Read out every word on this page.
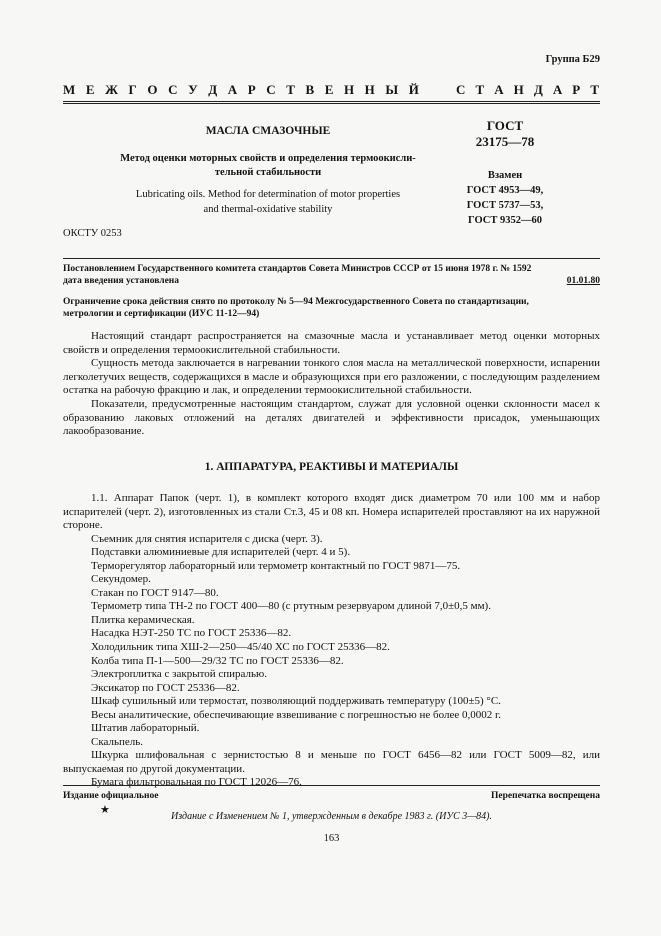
Группа Б29
М Е Ж Г О С У Д А Р С Т В Е Н Н Ы Й	С Т А Н Д А Р Т
МАСЛА СМАЗОЧНЫЕ
Метод оценки моторных свойств и определения термоокисли-
тельной стабильности
Lubricating oils. Method for determination of motor properties
and thermal-oxidative stability
ОКСТУ 0253
ГОСТ
23175—78
Взамен
ГОСТ 4953—49,
ГОСТ 5737—53,
ГОСТ 9352—60
Постановлением Государственного комитета стандартов Совета Министров СССР от 15 июня 1978 г. № 1592
дата введения установлена	01.01.80
Ограничение срока действия снято по протоколу № 5—94 Межгосударственного Совета по стандартизации,
метрологии и сертификации (ИУС 11-12—94)

Настоящий стандарт распространяется на смазочные масла и устанавливает метод оценки моторных свойств и определения термоокислительной стабильности.

Сущность метода заключается в нагревании тонкого слоя масла на металлической поверхности, испарении легколетучих веществ, содержащихся в масле и образующихся при его разложении, с последующим разделением остатка на рабочую фракцию и лак, и определении термоокислительной стабильности.

Показатели, предусмотренные настоящим стандартом, служат для условной оценки склонности масел к образованию лаковых отложений на деталях двигателей и эффективности присадок, уменьшающих лакообразование.

1. АППАРАТУРА, РЕАКТИВЫ И МАТЕРИАЛЫ

1.1. Аппарат Папок (черт. 1), в комплект которого входят диск диаметром 70 или 100 мм и набор испарителей (черт. 2), изготовленных из стали Ст.3, 45 и 08 кп. Номера испарителей проставляют на их наружной стороне.

Съемник для снятия испарителя с диска (черт. 3).

Подставки алюминиевые для испарителей (черт. 4 и 5).

Терморегулятор лабораторный или термометр контактный по ГОСТ 9871—75.

Секундомер.

Стакан по ГОСТ 9147—80.

Термометр типа ТН-2 по ГОСТ 400—80 (с ртутным резервуаром длиной 7,0±0,5 мм).

Плитка керамическая.

Насадка НЭТ-250 ТС по ГОСТ 25336—82.

Холодильник типа ХШ-2—250—45/40 ХС по ГОСТ 25336—82.

Колба типа П-1—500—29/32 ТС по ГОСТ 25336—82.

Электроплитка с закрытой спиралью.

Эксикатор по ГОСТ 25336—82.

Шкаф сушильный или термостат, позволяющий поддерживать температуру (100±5) °С.

Весы аналитические, обеспечивающие взвешивание с погрешностью не более 0,0002 г.

Штатив лабораторный.

Скальпель.

Шкурка шлифовальная с зернистостью 8 и меньше по ГОСТ 6456—82 или ГОСТ 5009—82, или выпускаемая по другой документации.

Бумага фильтровальная по ГОСТ 12026—76.

Издание официальное	Перепечатка воспрещена
★
Издание с Изменением № 1, утвержденным в декабре 1983 г. (ИУС 3—84).
163
